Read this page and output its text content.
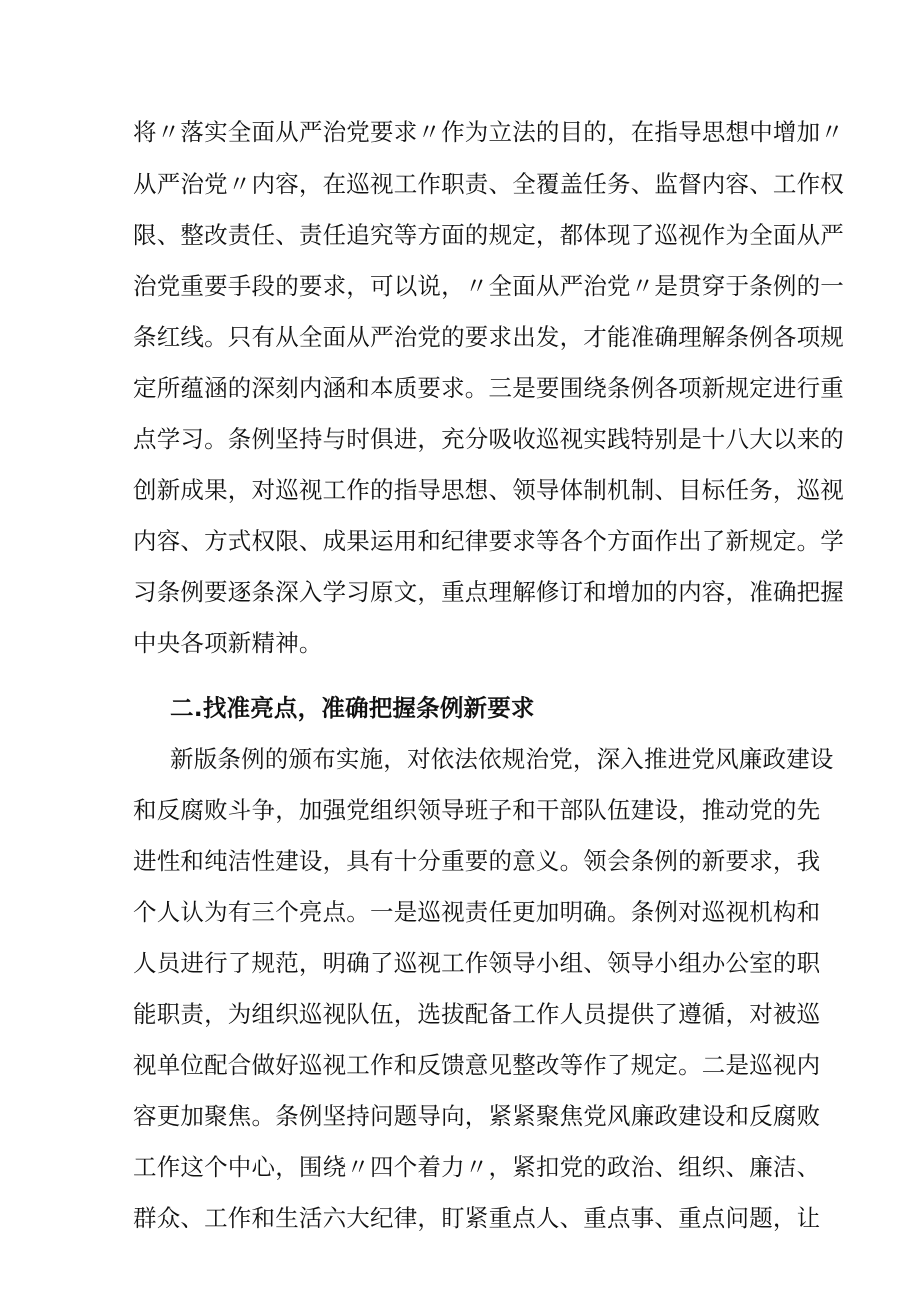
将〃落实全面从严治党要求〃作为立法的目的，在指导思想中增加〃
从严治党〃内容，在巡视工作职责、全覆盖任务、监督内容、工作权
限、整改责任、责任追究等方面的规定，都体现了巡视作为全面从严
治党重要手段的要求，可以说，〃全面从严治党〃是贯穿于条例的一
条红线。只有从全面从严治党的要求出发，才能准确理解条例各项规
定所蕴涵的深刻内涵和本质要求。三是要围绕条例各项新规定进行重
点学习。条例坚持与时俱进，充分吸收巡视实践特别是十八大以来的
创新成果，对巡视工作的指导思想、领导体制机制、目标任务，巡视
内容、方式权限、成果运用和纪律要求等各个方面作出了新规定。学
习条例要逐条深入学习原文，重点理解修订和增加的内容，准确把握
中央各项新精神。
二.找准亮点，准确把握条例新要求
新版条例的颁布实施，对依法依规治党，深入推进党风廉政建设
和反腐败斗争，加强党组织领导班子和干部队伍建设，推动党的先
进性和纯洁性建设，具有十分重要的意义。领会条例的新要求，我
个人认为有三个亮点。一是巡视责任更加明确。条例对巡视机构和
人员进行了规范，明确了巡视工作领导小组、领导小组办公室的职
能职责，为组织巡视队伍，选拔配备工作人员提供了遵循，对被巡
视单位配合做好巡视工作和反馈意见整改等作了规定。二是巡视内
容更加聚焦。条例坚持问题导向，紧紧聚焦党风廉政建设和反腐败
工作这个中心，围绕〃四个着力〃，紧扣党的政治、组织、廉洁、
群众、工作和生活六大纪律，盯紧重点人、重点事、重点问题，让
